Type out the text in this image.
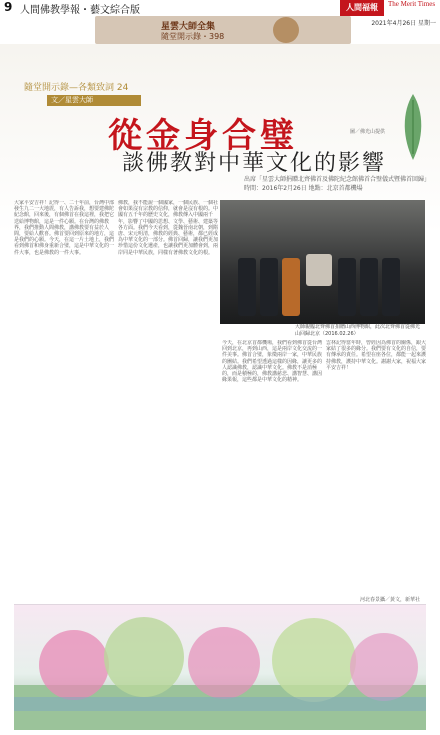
9 人間佛教學報・藝文綜合版	人間福報	The Merit Times
2021年4月26日 星期一
星雲大師全集
隨堂開示錄・398
隨堂開示錄—各類致詞 24
文／星雲大師
從金身合璧
談佛教對中華文化的影響
出席「星雲大師捐贈北齊佛首及佛陀紀念館佛首合璧儀式暨佛首回歸」
時間：2016年2月26日 地點：北京首都機場
圖／佛光山提供
大家平安吉祥！記得一、二十年前，台灣中部發生九二一大地震，有人告訴我，想要建佛陀紀念館，回來後，有個佛首在我這裡，我把它送給博物館，這是一件心願。在台灣的佛教界，我們推動人間佛教，講佛教要有益於人間，要給人歡喜。佛首要回到原來的地方，這是我們的心願。今天，在這一片土地上，我們看到佛首和佛身重新合璧，這是中華文化的一件大事，也是佛教的一件大事。
佛教，我不能說一個國家，一個民族、一個社會如果沒有宗教的信仰，就會是沒有根的。中國有五千年的歷史文化，佛教傳入中國兩千年，影響了中國的思想、文學、藝術、建築等各方面。我們今天看到，從魏晉南北朝，到隋唐、宋元明清，佛教的經典、藝術，都已經成為中華文化的一部分。佛首回歸，讓我們更加珍惜這份文化遺產，也讓我們更加體會到，兩岸同是中華民族，同樣有著佛教文化的根。
今天，在北京首都機場，我們看到佛首從台灣回到北京，再到山西，這是兩岸文化交流的一件美事。佛首合璧，象徵兩岸一家，中華民族的團結。我們希望透過這樣的因緣，讓更多的人認識佛教，認識中華文化。佛教不是消極的，而是積極的，佛教講慈悲、講智慧、講因緣果報，這些都是中華文化的精神。
雲林記得當年時，曾經因為佛首的關係，跟大家結了很多的緣分。我們要有文化的自信，要有傳承的責任。希望在座各位，都能一起來護持佛教，護持中華文化。謝謝大家，祝福大家平安吉祥！
大師親臨北齊佛首捐贈山西博物館，此次北齊佛首從佛光山回歸北京（2016.02.26）
河北春景攝／黃文，新華社
